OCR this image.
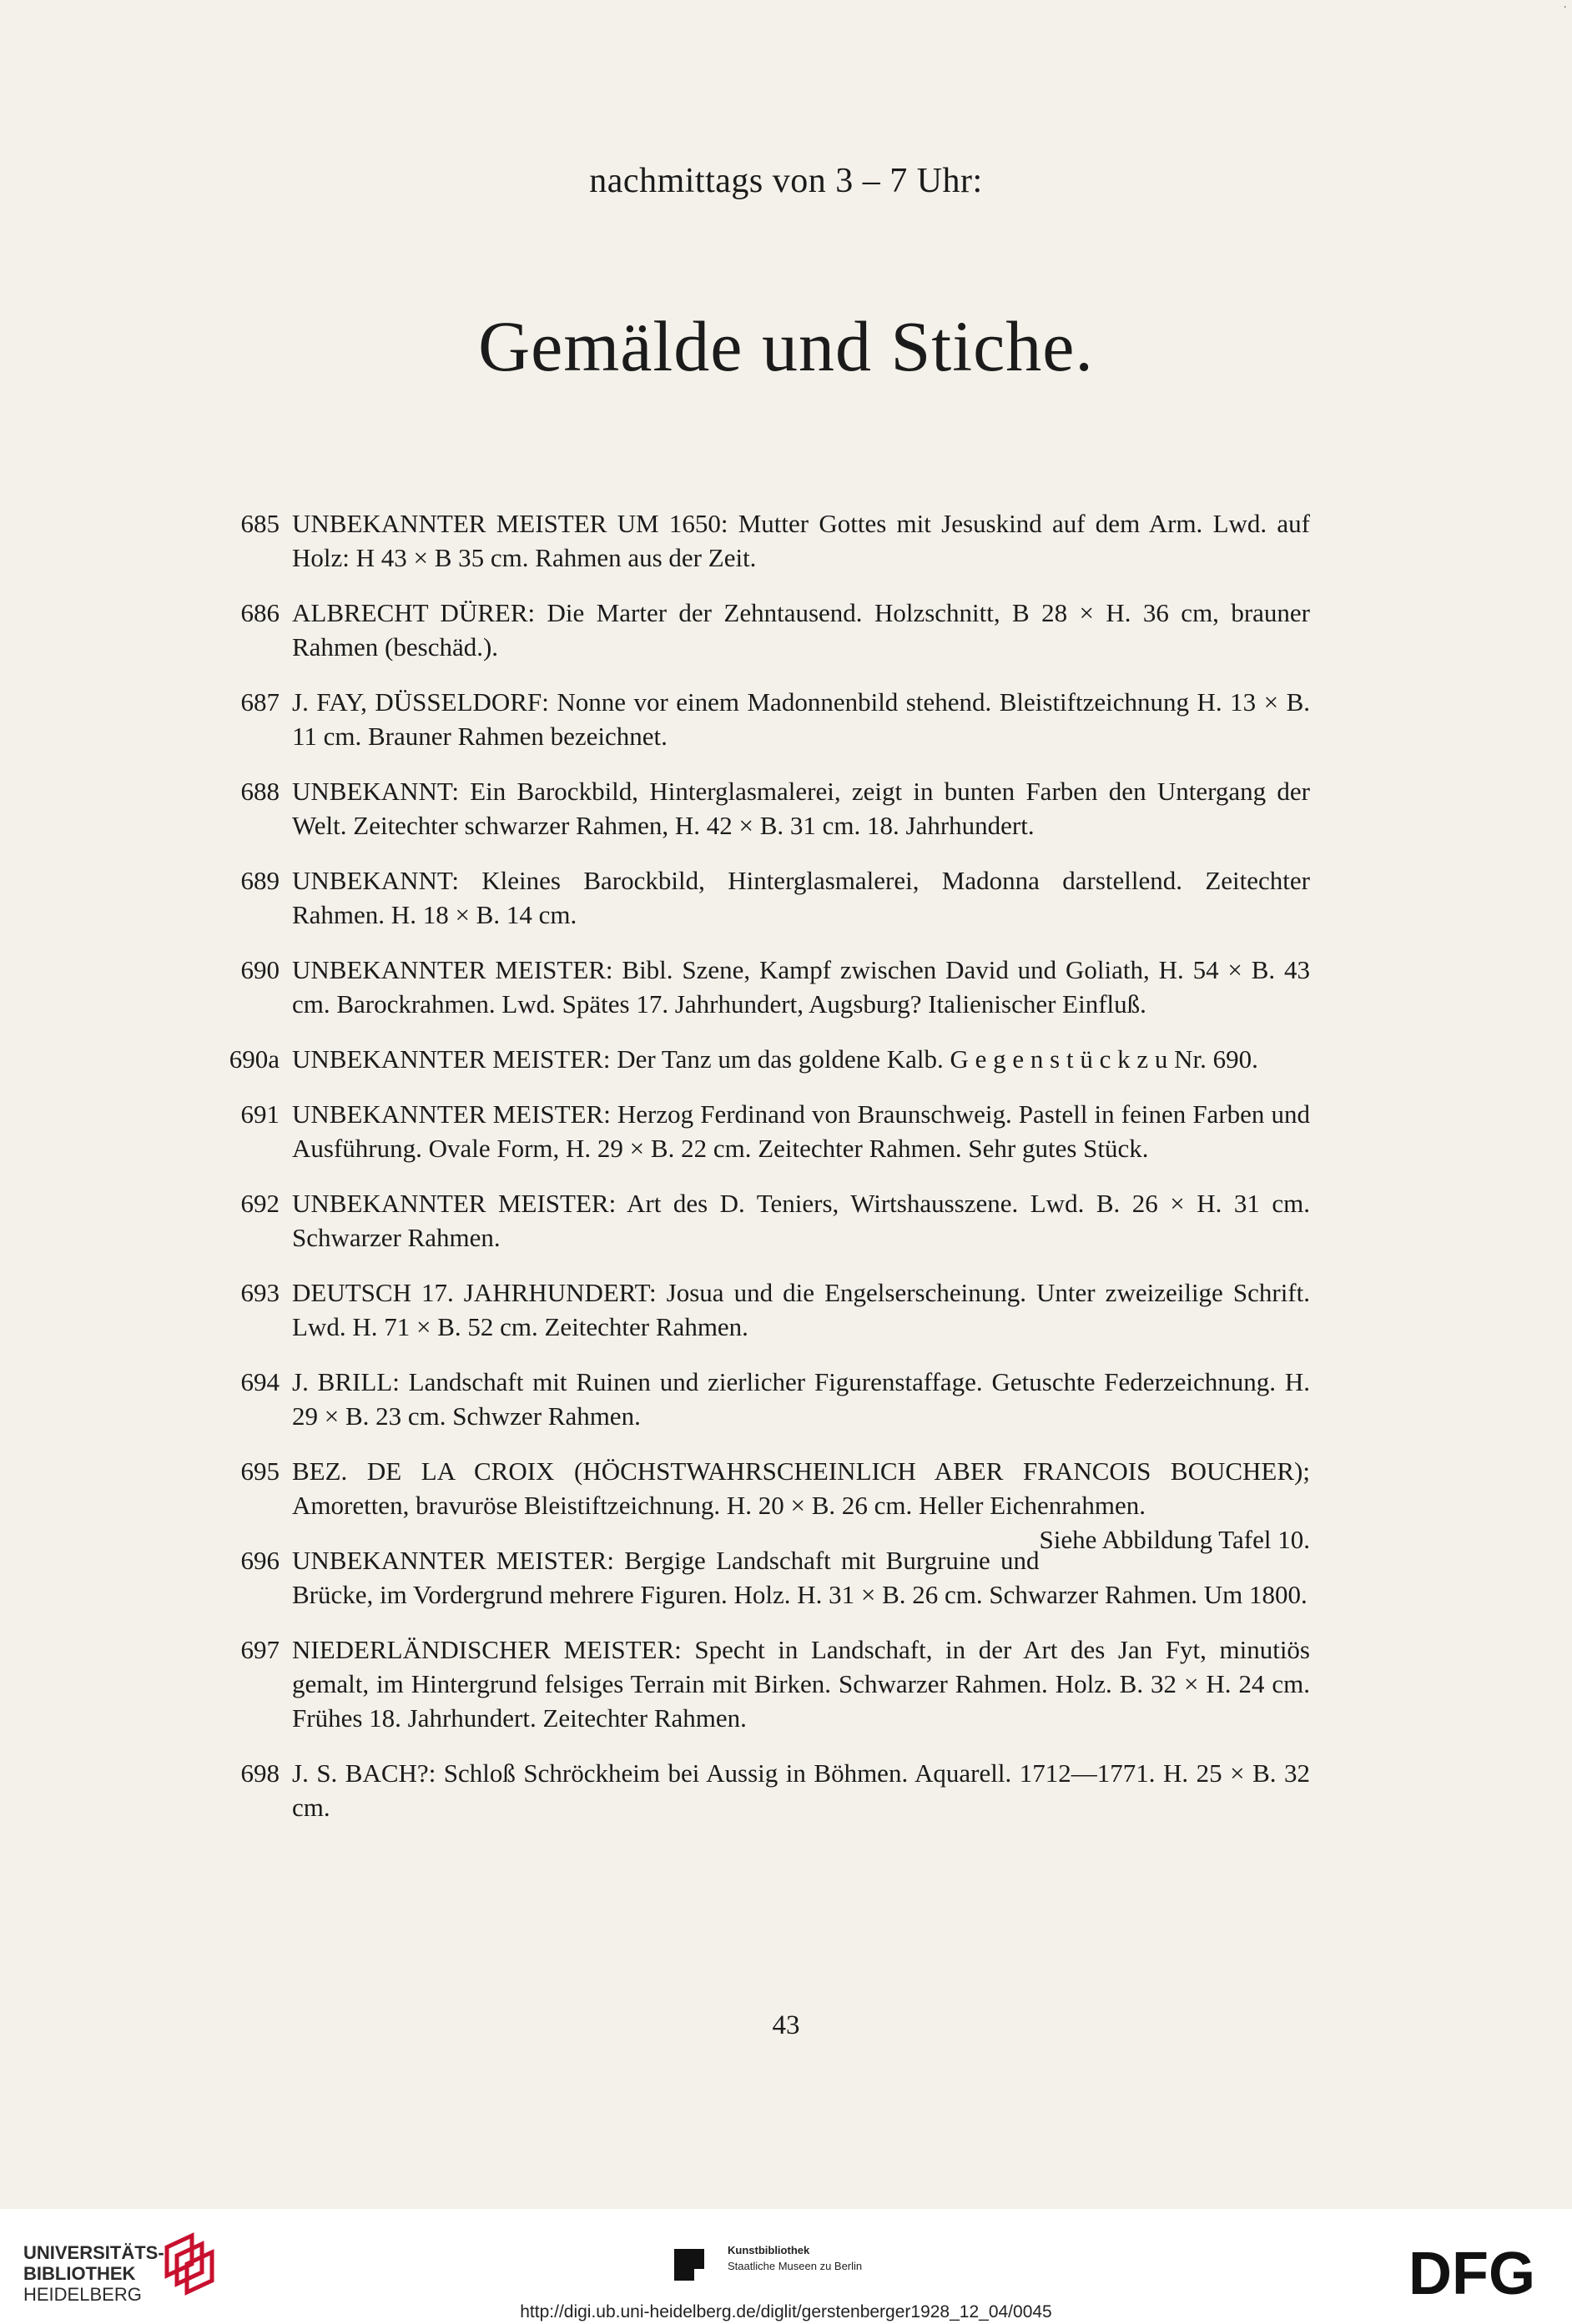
·
nachmittags von 3 – 7 Uhr:
Gemälde und Stiche.
685 UNBEKANNTER MEISTER UM 1650: Mutter Gottes mit Jesuskind auf dem Arm. Lwd. auf Holz: H 43 × B 35 cm. Rahmen aus der Zeit.
686 ALBRECHT DÜRER: Die Marter der Zehntausend. Holzschnitt, B 28 × H. 36 cm, brauner Rahmen (beschäd.).
687 J. FAY, DÜSSELDORF: Nonne vor einem Madonnenbild stehend. Bleistiftzeichnung H. 13 × B. 11 cm. Brauner Rahmen bezeichnet.
688 UNBEKANNT: Ein Barockbild, Hinterglasmalerei, zeigt in bunten Farben den Untergang der Welt. Zeitechter schwarzer Rahmen, H. 42 × B. 31 cm. 18. Jahrhundert.
689 UNBEKANNT: Kleines Barockbild, Hinterglasmalerei, Madonna darstellend. Zeitechter Rahmen. H. 18 × B. 14 cm.
690 UNBEKANNTER MEISTER: Bibl. Szene, Kampf zwischen David und Goliath, H. 54 × B. 43 cm. Barockrahmen. Lwd. Spätes 17. Jahrhundert, Augsburg? Italienischer Einfluß.
690a UNBEKANNTER MEISTER: Der Tanz um das goldene Kalb. G e g e n s t ü c k z u Nr. 690.
691 UNBEKANNTER MEISTER: Herzog Ferdinand von Braunschweig. Pastell in feinen Farben und Ausführung. Ovale Form, H. 29 × B. 22 cm. Zeitechter Rahmen. Sehr gutes Stück.
692 UNBEKANNTER MEISTER: Art des D. Teniers, Wirtshausszene. Lwd. B. 26 × H. 31 cm. Schwarzer Rahmen.
693 DEUTSCH 17. JAHRHUNDERT: Josua und die Engelserscheinung. Unter zweizeilige Schrift. Lwd. H. 71 × B. 52 cm. Zeitechter Rahmen.
694 J. BRILL: Landschaft mit Ruinen und zierlicher Figurenstaffage. Getuschte Federzeichnung. H. 29 × B. 23 cm. Schwzer Rahmen.
695 BEZ. DE LA CROIX (HÖCHSTWAHRSCHEINLICH ABER FRANCOIS BOUCHER); Amoretten, bravuröse Bleistiftzeichnung. H. 20 × B. 26 cm. Heller Eichenrahmen.
Siehe Abbildung Tafel 10.
696 UNBEKANNTER MEISTER: Bergige Landschaft mit Burgruine und Brücke, im Vordergrund mehrere Figuren. Holz. H. 31 × B. 26 cm. Schwarzer Rahmen. Um 1800.
697 NIEDERLÄNDISCHER MEISTER: Specht in Landschaft, in der Art des Jan Fyt, minutiös gemalt, im Hintergrund felsiges Terrain mit Birken. Schwarzer Rahmen. Holz. B. 32 × H. 24 cm. Frühes 18. Jahrhundert. Zeitechter Rahmen.
698 J. S. BACH?: Schloß Schröckheim bei Aussig in Böhmen. Aquarell. 1712—1771. H. 25 × B. 32 cm.
43
UNIVERSITÄTS-
BIBLIOTHEK
HEIDELBERG
Kunstbibliothek
Staatliche Museen zu Berlin	DFG
http://digi.ub.uni-heidelberg.de/diglit/gerstenberger1928_12_04/0045
